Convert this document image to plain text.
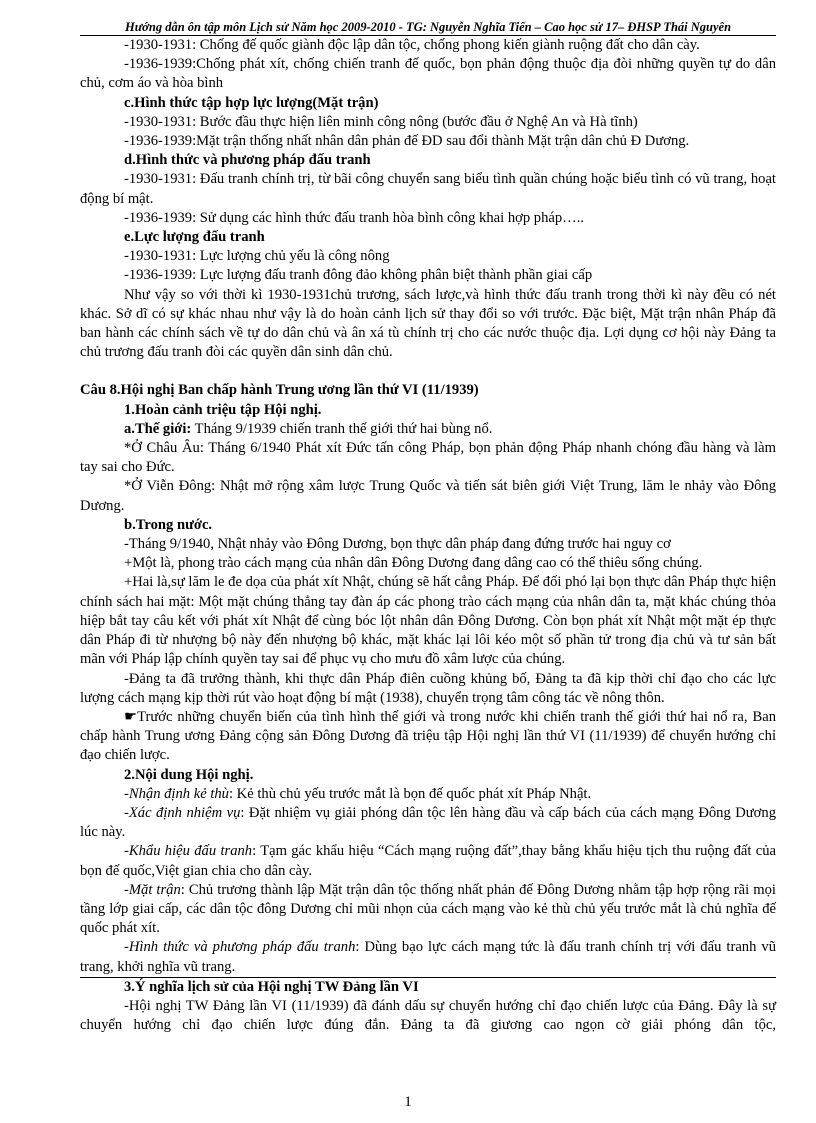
Hướng dẫn ôn tập môn Lịch sử Năm học 2009-2010 - TG: Nguyễn Nghĩa Tiến – Cao học sử 17– ĐHSP Thái Nguyên

-1930-1931: Chống đế quốc giành độc lập dân tộc, chống phong kiến giành ruộng đất cho dân cày.

-1936-1939:Chống phát xít, chống chiến tranh đế quốc, bọn phản động thuộc địa đòi những quyền tự do dân chủ, cơm áo và hòa bình

c.Hình thức tập hợp lực lượng(Mặt trận)

-1930-1931: Bước đầu thực hiện liên minh công nông (bước đầu ở Nghệ An và Hà tĩnh)

-1936-1939:Mặt trận thống nhất nhân dân phản đế ĐD sau đổi thành Mặt trận dân chủ Đ Dương.

d.Hình thức và phương pháp đấu tranh

-1930-1931: Đấu tranh chính trị, từ bãi công chuyển sang biểu tình quần chúng hoặc biểu tình có vũ trang, hoạt động bí mật.

-1936-1939: Sử dụng các hình thức đấu tranh hòa bình công khai hợp pháp…..

e.Lực lượng đấu tranh

-1930-1931: Lực lượng chủ yếu là công nông

-1936-1939: Lực lượng đấu tranh đông đảo không phân biệt thành phần giai cấp

Như vậy so với thời kì 1930-1931chủ trương, sách lược,và hình thức đấu tranh trong thời kì này đều có nét khác. Sở dĩ có sự khác nhau như vậy là do hoàn cảnh lịch sử thay đổi so với trước. Đặc biệt, Mặt trận nhân Pháp đã ban hành các chính sách về tự do dân chủ và ân xá tù chính trị cho các nước thuộc địa. Lợi dụng cơ hội này Đảng ta chủ trương đấu tranh đòi các quyền dân sinh dân chủ.

Câu 8.Hội nghị Ban chấp hành Trung ương lần thứ VI (11/1939)

1.Hoàn cảnh triệu tập Hội nghị.

a.Thế giới: Tháng 9/1939 chiến tranh thế giới thứ hai bùng nổ.

*Ở Châu Âu: Tháng 6/1940 Phát xít Đức tấn công Pháp, bọn phản động Pháp nhanh chóng đầu hàng và làm tay sai cho Đức.

*Ở Viễn Đông: Nhật mở rộng xâm lược Trung Quốc và tiến sát biên giới Việt Trung, lăm le nhảy vào Đông Dương.

b.Trong nước.

-Tháng 9/1940, Nhật nhảy vào Đông Dương, bọn thực dân pháp đang đứng trước hai nguy cơ

+Một là, phong trào cách mạng của nhân dân Đông Dương đang dâng cao có thể thiêu sống chúng.

+Hai là,sự lăm le đe dọa của phát xít Nhật, chúng sẽ hất cẳng Pháp. Để đối phó lại bọn thực dân Pháp thực hiện chính sách hai mặt: Một mặt chúng thẳng tay đàn áp các phong trào cách mạng của nhân dân ta, mặt khác chúng thỏa hiệp bắt tay câu kết với phát xít Nhật để cùng bóc lột nhân dân Đông Dương. Còn bọn phát xít Nhật một mặt ép thực dân Pháp đi từ nhượng bộ này đến nhượng bộ khác, mặt khác lại lôi kéo một số phần tử trong địa chủ và tư sản bất mãn với Pháp lập chính quyền tay sai để phục vụ cho mưu đồ xâm lược của chúng.

-Đảng ta đã trưởng thành, khi thực dân Pháp điên cuồng khủng bố, Đảng ta đã kịp thời chỉ đạo cho các lực lượng cách mạng kịp thời rút vào hoạt động bí mật (1938), chuyển trọng tâm công tác về nông thôn.

☛Trước những chuyển biến của tình hình thế giới và trong nước khi chiến tranh thế giới thứ hai nổ ra, Ban chấp hành Trung ương Đảng cộng sản Đông Dương đã triệu tập Hội nghị lần thứ VI (11/1939) để chuyển hướng chỉ đạo chiến lược.

2.Nội dung Hội nghị.

-Nhận định kẻ thù: Kẻ thù chủ yếu trước mắt là bọn đế quốc phát xít Pháp Nhật.

-Xác định nhiệm vụ: Đặt nhiệm vụ giải phóng dân tộc lên hàng đầu và cấp bách của cách mạng Đông Dương lúc này.

-Khẩu hiệu đấu tranh: Tạm gác khẩu hiệu “Cách mạng ruộng đất”,thay bằng khẩu hiệu tịch thu ruộng đất của bọn đế quốc,Việt gian chia cho dân cày.

-Mặt trận: Chủ trương thành lập Mặt trận dân tộc thống nhất phản đế Đông Dương nhằm tập hợp rộng rãi mọi tầng lớp giai cấp, các dân tộc đông Dương chỉ mũi nhọn của cách mạng vào kẻ thù chủ yếu trước mắt là chủ nghĩa đế quốc phát xít.

-Hình thức và phương pháp đấu tranh: Dùng bạo lực cách mạng tức là đấu tranh chính trị với đấu tranh vũ trang, khởi nghĩa vũ trang.

3.Ý nghĩa lịch sử của Hội nghị TW Đảng lần VI

-Hội nghị TW Đảng lần VI (11/1939) đã đánh dấu sự chuyển hướng chỉ đạo chiến lược của Đảng. Đây là sự chuyển hướng chỉ đạo chiến lược đúng đắn. Đảng ta đã giương cao ngọn cờ giải phóng dân tộc,

1
